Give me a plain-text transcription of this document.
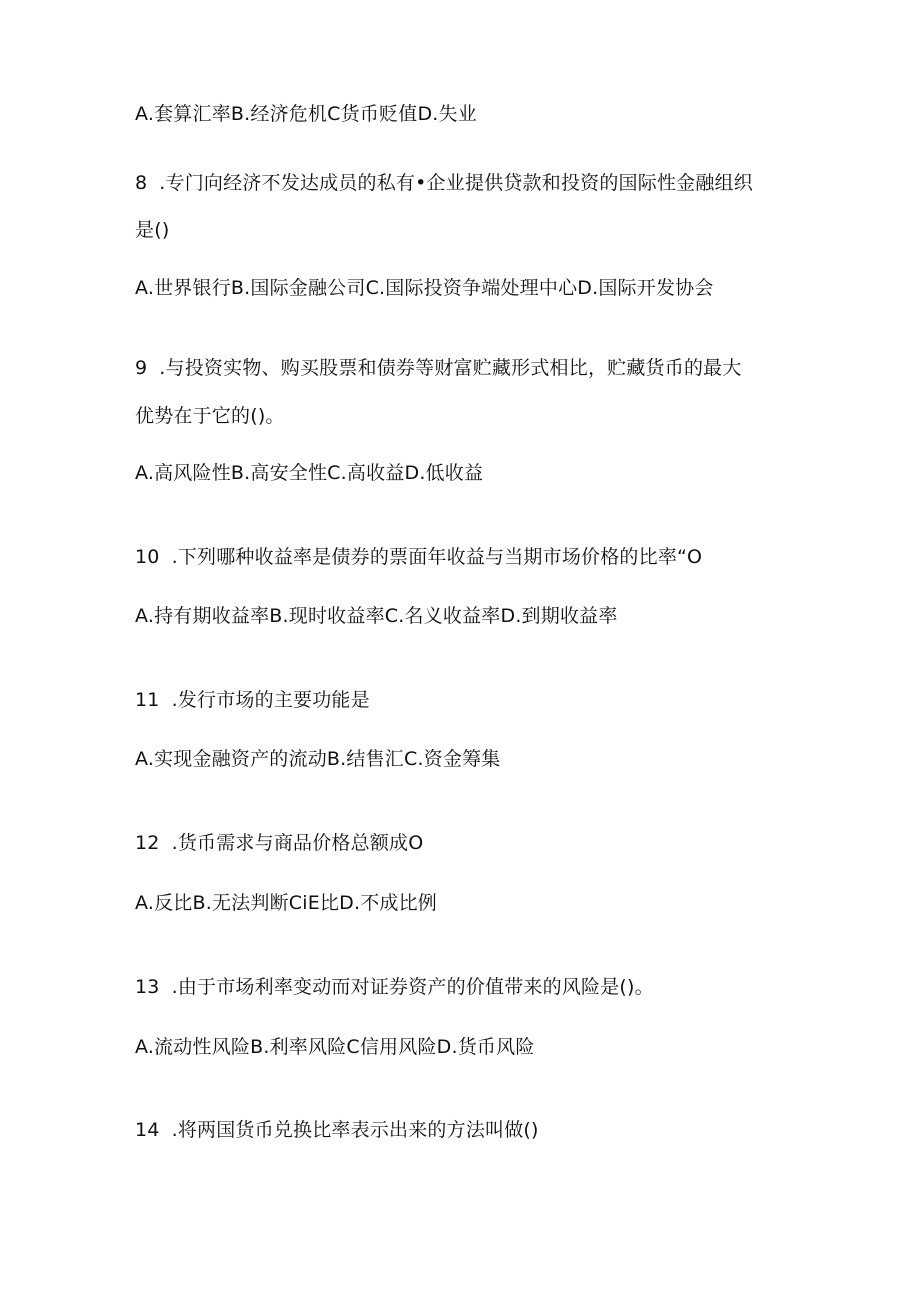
A.套算汇率B.经济危机C货币贬值D.失业
8 .专门向经济不发达成员的私有•企业提供贷款和投资的国际性金融组织
是()
A.世界银行B.国际金融公司C.国际投资争端处理中心D.国际开发协会
9 .与投资实物、购买股票和债券等财富贮藏形式相比，贮藏货币的最大
优势在于它的()。
A.高风险性B.高安全性C.高收益D.低收益
10 .下列哪种收益率是债券的票面年收益与当期市场价格的比率“O
A.持有期收益率B.现时收益率C.名义收益率D.到期收益率
11 .发行市场的主要功能是
A.实现金融资产的流动B.结售汇C.资金筹集
12 .货币需求与商品价格总额成O
A.反比B.无法判断CiE比D.不成比例
13 .由于市场利率变动而对证券资产的价值带来的风险是()。
A.流动性风险B.利率风险C信用风险D.货币风险
14 .将两国货币兑换比率表示出来的方法叫做()
